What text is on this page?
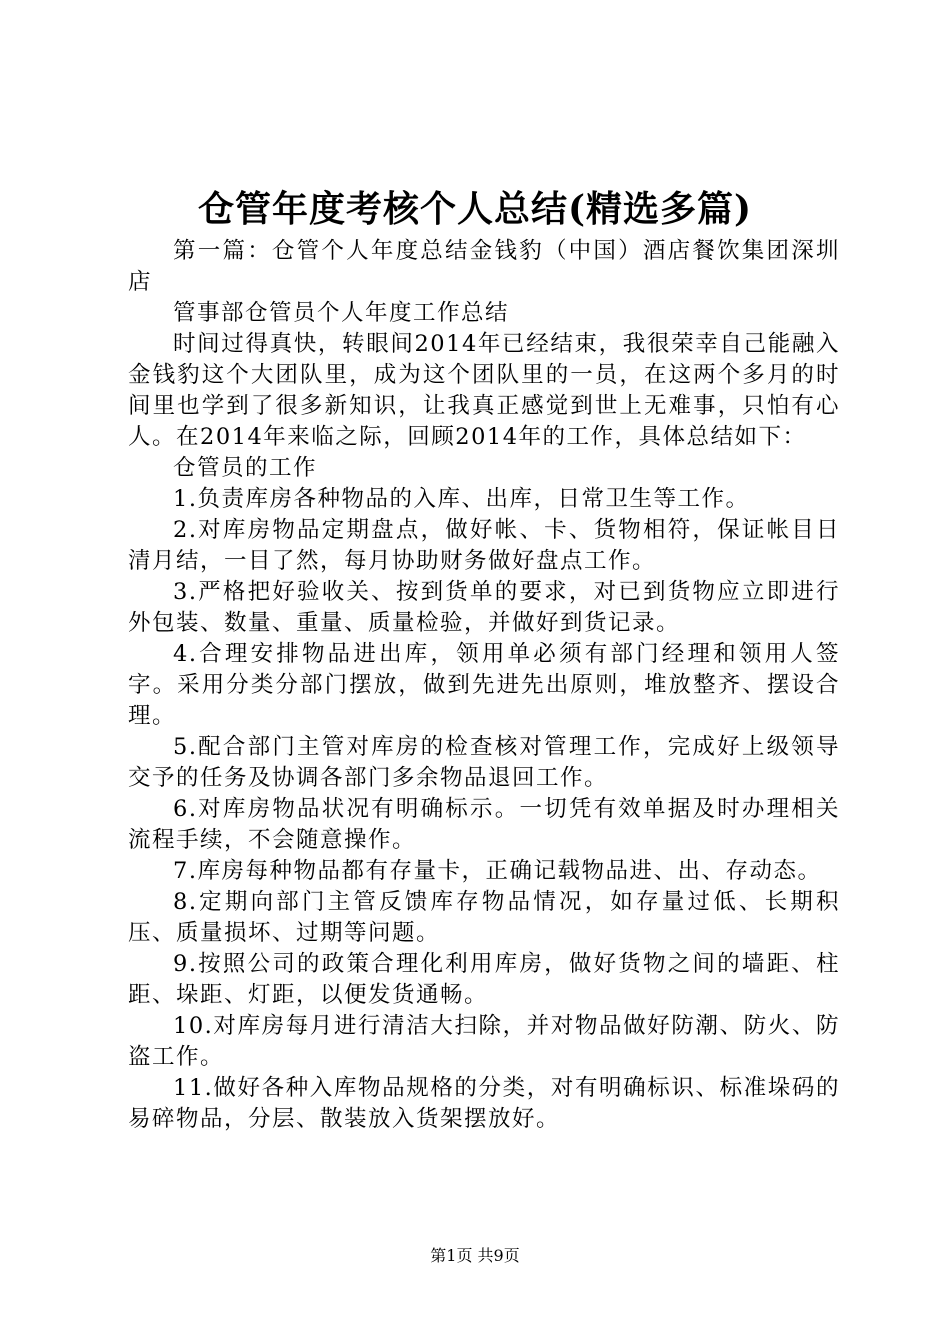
仓管年度考核个人总结(精选多篇)

第一篇：仓管个人年度总结金钱豹（中国）酒店餐饮集团深圳店

管事部仓管员个人年度工作总结

时间过得真快，转眼间2014年已经结束，我很荣幸自己能融入金钱豹这个大团队里，成为这个团队里的一员，在这两个多月的时间里也学到了很多新知识，让我真正感觉到世上无难事，只怕有心人。在2014年来临之际，回顾2014年的工作，具体总结如下：

仓管员的工作

1.负责库房各种物品的入库、出库，日常卫生等工作。

2.对库房物品定期盘点，做好帐、卡、货物相符，保证帐目日清月结，一目了然，每月协助财务做好盘点工作。

3.严格把好验收关、按到货单的要求，对已到货物应立即进行外包装、数量、重量、质量检验，并做好到货记录。

4.合理安排物品进出库，领用单必须有部门经理和领用人签字。采用分类分部门摆放，做到先进先出原则，堆放整齐、摆设合理。

5.配合部门主管对库房的检查核对管理工作，完成好上级领导交予的任务及协调各部门多余物品退回工作。

6.对库房物品状况有明确标示。一切凭有效单据及时办理相关流程手续，不会随意操作。

7.库房每种物品都有存量卡，正确记载物品进、出、存动态。

8.定期向部门主管反馈库存物品情况，如存量过低、长期积压、质量损坏、过期等问题。

9.按照公司的政策合理化利用库房，做好货物之间的墙距、柱距、垛距、灯距，以便发货通畅。

10.对库房每月进行清洁大扫除，并对物品做好防潮、防火、防盗工作。

11.做好各种入库物品规格的分类，对有明确标识、标准垛码的易碎物品，分层、散装放入货架摆放好。

第1页 共9页
